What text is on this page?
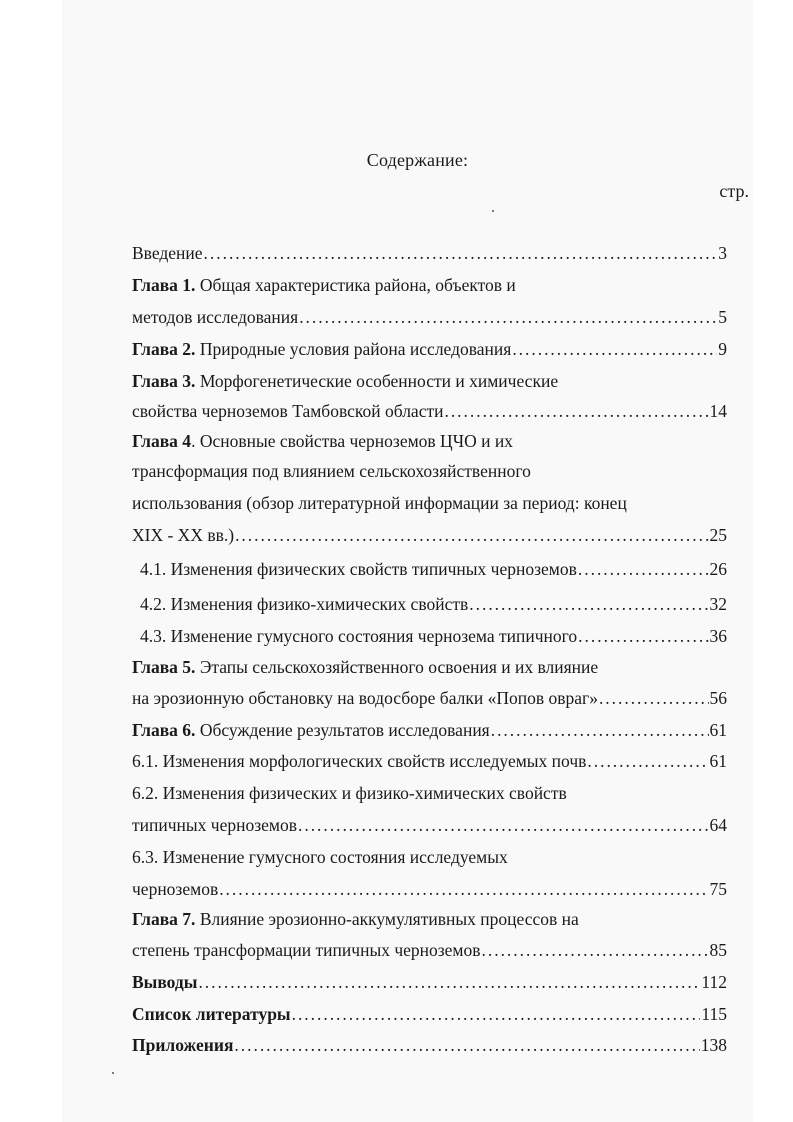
Содержание:
стр.
Введение . . .	3
Глава 1. Общая характеристика района, объектов и
методов исследования . . .	5
Глава 2. Природные условия района исследования . . .	9
Глава 3. Морфогенетические особенности и химические
свойства черноземов Тамбовской области . . .	14
Глава 4. Основные свойства черноземов ЦЧО и их
трансформация под влиянием сельскохозяйственного
использования (обзор литературной информации за период: конец
XIX - XX вв.) . . .	25
4.1. Изменения физических свойств типичных черноземов . . .	26
4.2. Изменения физико-химических свойств . . .	32
4.3. Изменение гумусного состояния чернозема типичного . . .	36
Глава 5. Этапы сельскохозяйственного освоения и их влияние
на эрозионную обстановку на водосборе балки «Попов овраг» . . .	56
Глава 6. Обсуждение результатов исследования . . .	61
6.1. Изменения морфологических свойств исследуемых почв . . .	61
6.2. Изменения физических и физико-химических свойств
типичных черноземов . . .	64
6.3. Изменение гумусного состояния исследуемых
черноземов . . .	75
Глава 7. Влияние эрозионно-аккумулятивных процессов на
степень трансформации типичных черноземов . . .	85
Выводы . . .	112
Список литературы . . .	115
Приложения . . .	138
